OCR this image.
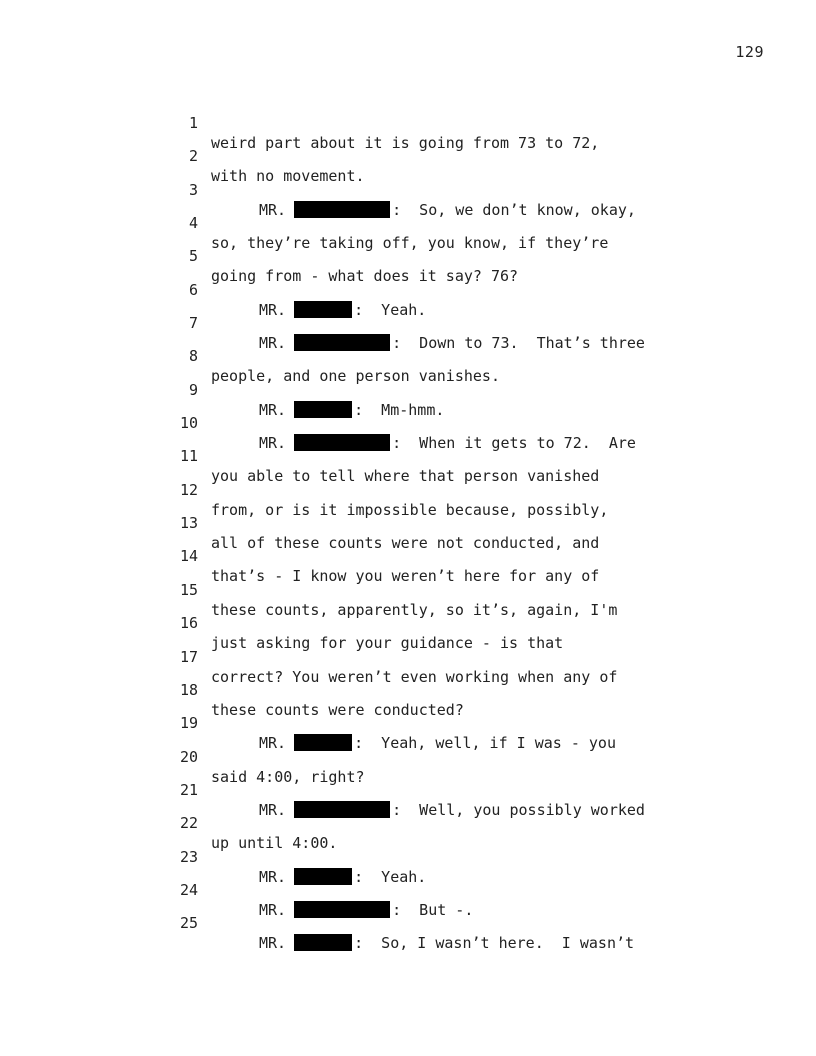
129

1

weird part about it is going from 73 to 72,

2

with no movement.

3

MR.	:  So, we don’t know, okay,

4

so, they’re taking off, you know, if they’re

5

going from - what does it say? 76?

6

MR.	:  Yeah.

7

MR.	:  Down to 73.  That’s three

8

people, and one person vanishes.

9

MR.	:  Mm-hmm.

10

MR.	:  When it gets to 72.  Are

11

you able to tell where that person vanished

12

from, or is it impossible because, possibly,

13

all of these counts were not conducted, and

14

that’s - I know you weren’t here for any of

15

these counts, apparently, so it’s, again, I'm

16

just asking for your guidance - is that

17

correct? You weren’t even working when any of

18

these counts were conducted?

19

MR.	:  Yeah, well, if I was - you

20

said 4:00, right?

21

MR.	:  Well, you possibly worked

22

up until 4:00.

23

MR.	:  Yeah.

24

MR.	:  But -.

25

MR.	:  So, I wasn’t here.  I wasn’t
